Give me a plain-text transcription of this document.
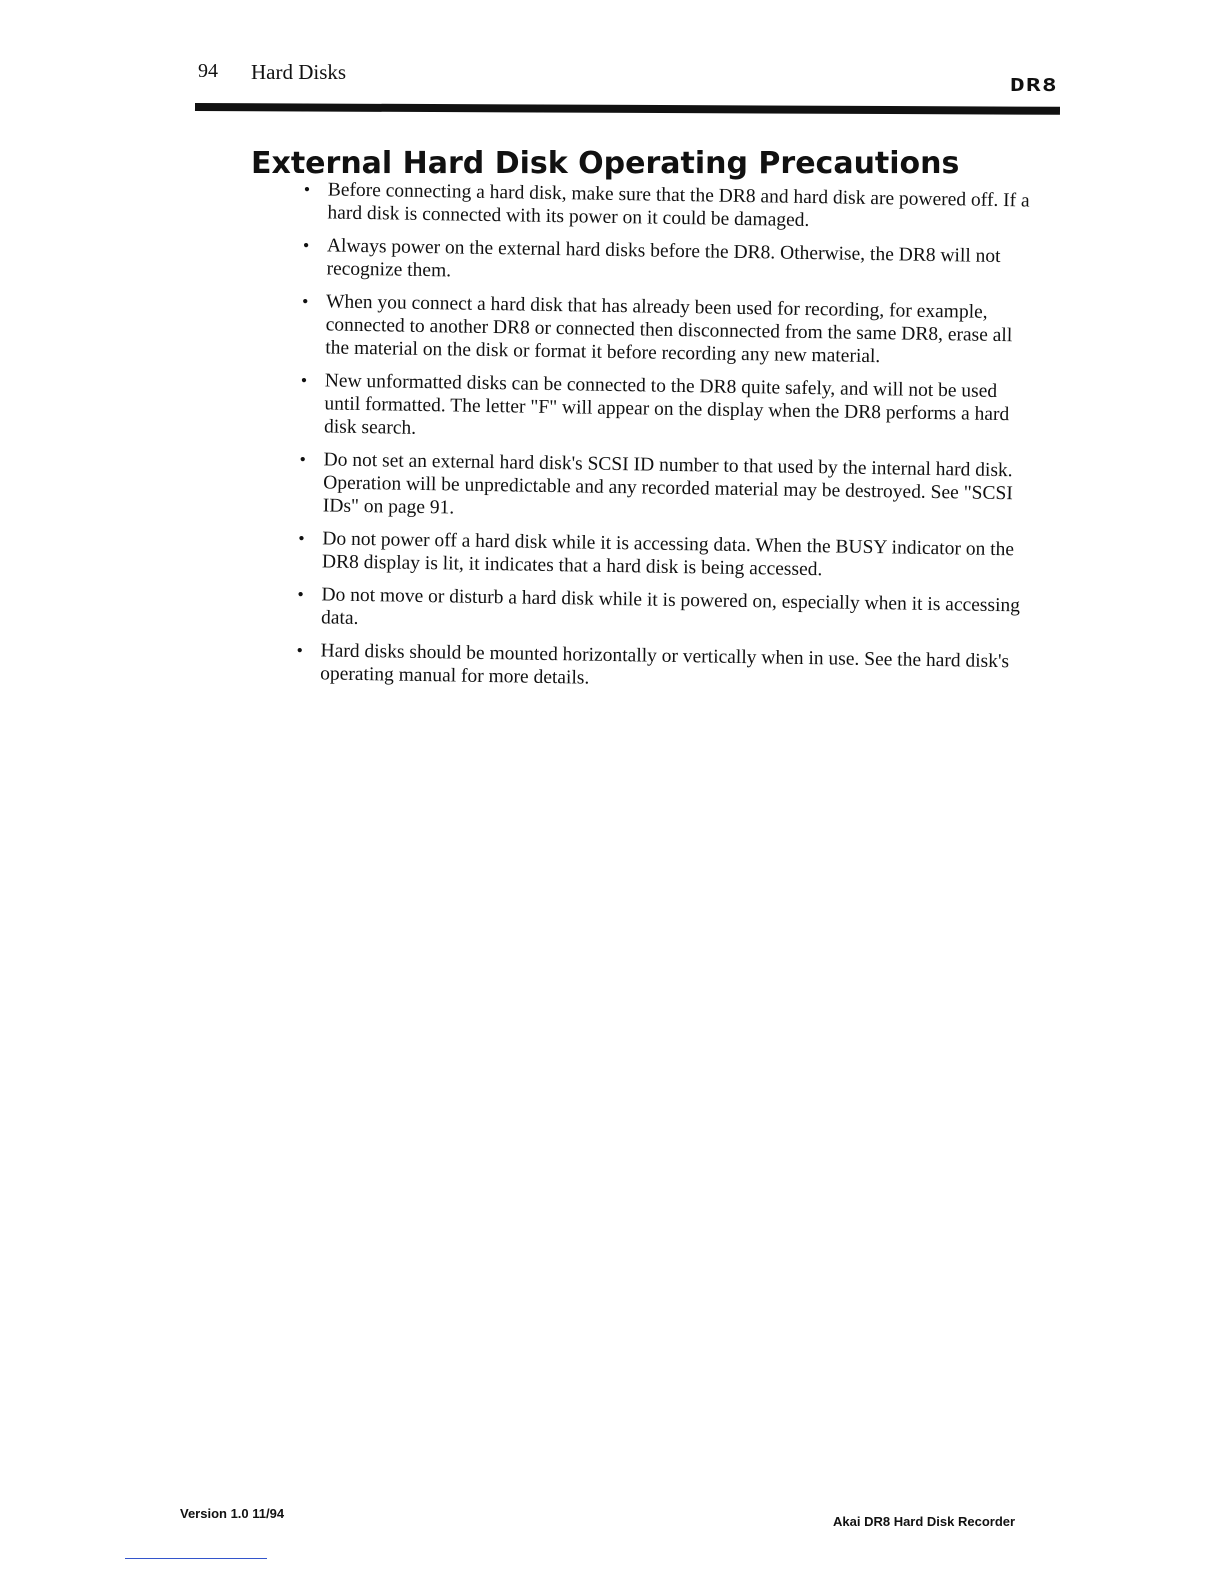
94 Hard Disks
DR8
External Hard Disk Operating Precautions
• Before connecting a hard disk, make sure that the DR8 and hard disk are powered off. If a hard disk is connected with its power on it could be damaged.
• Always power on the external hard disks before the DR8. Otherwise, the DR8 will not recognize them.
• When you connect a hard disk that has already been used for recording, for example, connected to another DR8 or connected then disconnected from the same DR8, erase all the material on the disk or format it before recording any new material.
• New unformatted disks can be connected to the DR8 quite safely, and will not be used until formatted. The letter "F" will appear on the display when the DR8 performs a hard disk search.
• Do not set an external hard disk's SCSI ID number to that used by the internal hard disk. Operation will be unpredictable and any recorded material may be destroyed. See "SCSI IDs" on page 91.
• Do not power off a hard disk while it is accessing data. When the BUSY indicator on the DR8 display is lit, it indicates that a hard disk is being accessed.
• Do not move or disturb a hard disk while it is powered on, especially when it is accessing data.
• Hard disks should be mounted horizontally or vertically when in use. See the hard disk's operating manual for more details.
Version 1.0 11/94
Akai DR8 Hard Disk Recorder
